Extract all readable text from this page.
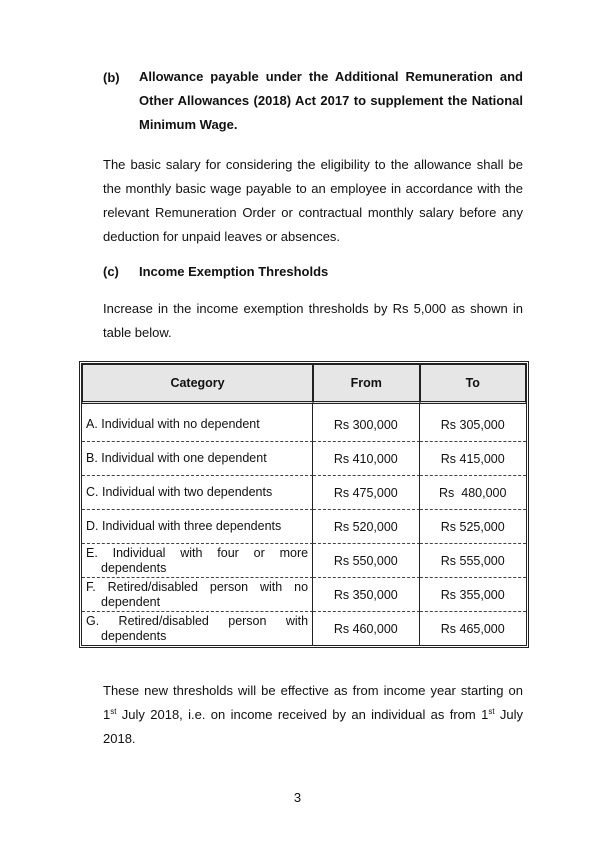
(b) Allowance payable under the Additional Remuneration and Other Allowances (2018) Act 2017 to supplement the National Minimum Wage.
The basic salary for considering the eligibility to the allowance shall be the monthly basic wage payable to an employee in accordance with the relevant Remuneration Order or contractual monthly salary before any deduction for unpaid leaves or absences.
(c) Income Exemption Thresholds
Increase in the income exemption thresholds by Rs 5,000 as shown in table below.
Category	From	To
A. Individual with no dependent	Rs 300,000	Rs 305,000
B. Individual with one dependent	Rs 410,000	Rs 415,000
C. Individual with two dependents	Rs 475,000	Rs  480,000
D. Individual with three dependents	Rs 520,000	Rs 525,000

E. Individual with four or more dependents	Rs 550,000	Rs 555,000

F. Retired/disabled person with no dependent	Rs 350,000	Rs 355,000

G. Retired/disabled person with dependents	Rs 460,000	Rs 465,000
These new thresholds will be effective as from income year starting on 1st July 2018, i.e. on income received by an individual as from 1st July 2018.
3
